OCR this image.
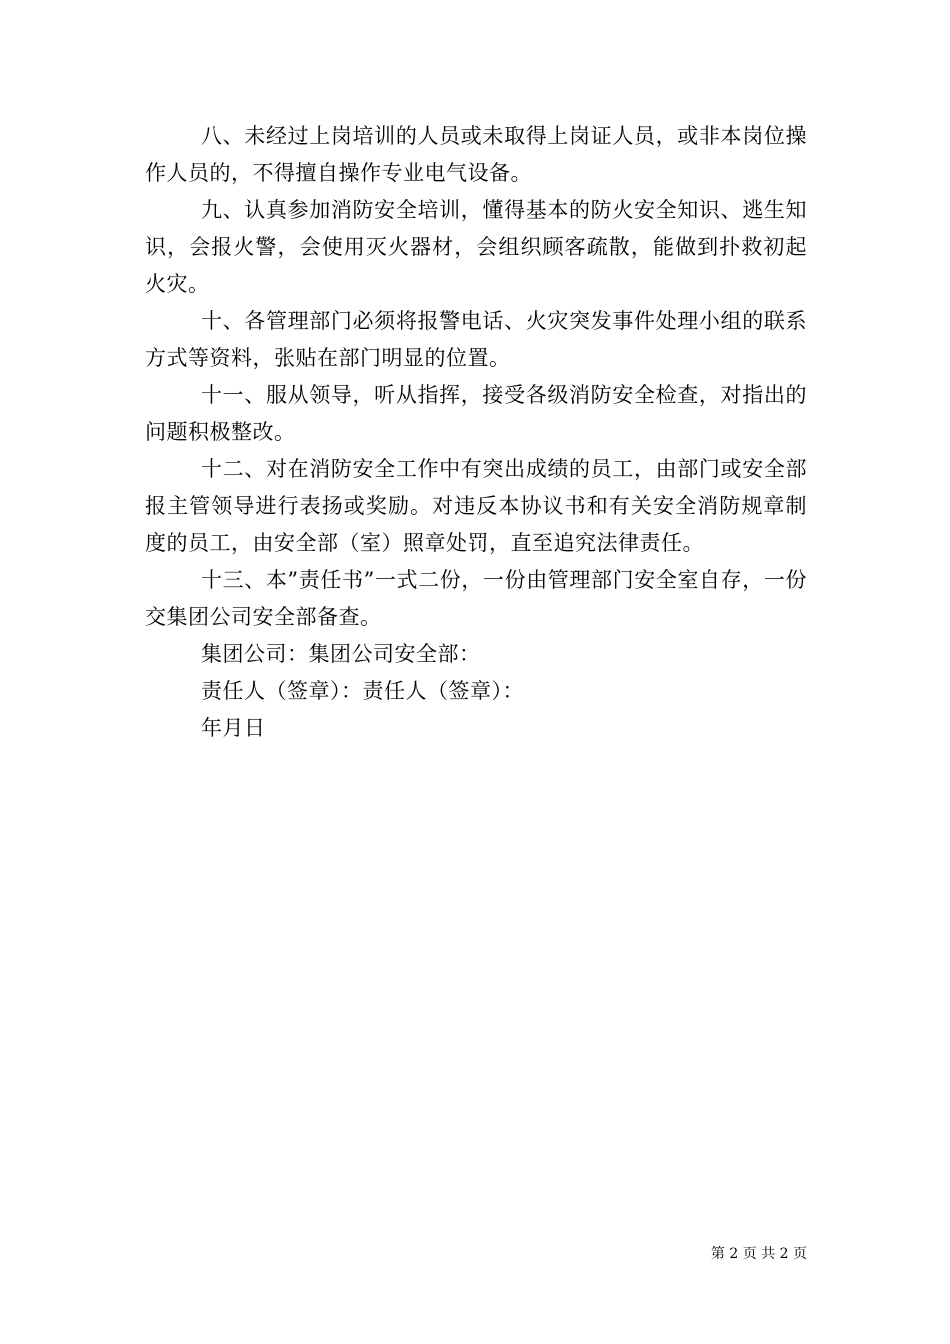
八、未经过上岗培训的人员或未取得上岗证人员，或非本岗位操作人员的，不得擅自操作专业电气设备。

九、认真参加消防安全培训，懂得基本的防火安全知识、逃生知识，会报火警，会使用灭火器材，会组织顾客疏散，能做到扑救初起火灾。

十、各管理部门必须将报警电话、火灾突发事件处理小组的联系方式等资料，张贴在部门明显的位置。

十一、服从领导，听从指挥，接受各级消防安全检查，对指出的问题积极整改。

十二、对在消防安全工作中有突出成绩的员工，由部门或安全部报主管领导进行表扬或奖励。对违反本协议书和有关安全消防规章制度的员工，由安全部（室）照章处罚，直至追究法律责任。

十三、本”责任书”一式二份，一份由管理部门安全室自存，一份交集团公司安全部备查。

集团公司：集团公司安全部：

责任人（签章）：责任人（签章）：

年月日

第 2 页 共 2 页
